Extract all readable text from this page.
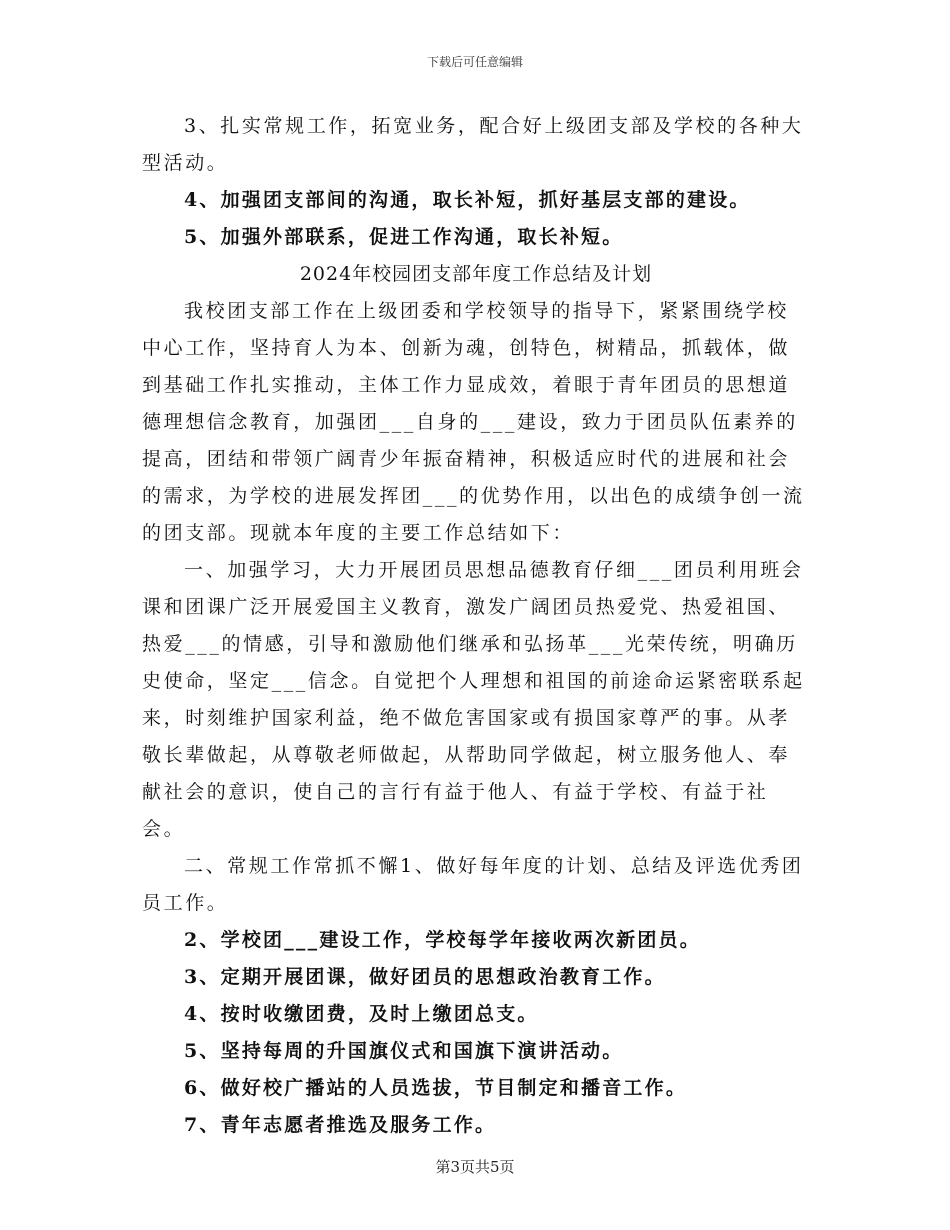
下载后可任意编辑

3、扎实常规工作，拓宽业务，配合好上级团支部及学校的各种大型活动。

4、加强团支部间的沟通，取长补短，抓好基层支部的建设。

5、加强外部联系，促进工作沟通，取长补短。

2024年校园团支部年度工作总结及计划

我校团支部工作在上级团委和学校领导的指导下，紧紧围绕学校中心工作，坚持育人为本、创新为魂，创特色，树精品，抓载体，做到基础工作扎实推动，主体工作力显成效，着眼于青年团员的思想道德理想信念教育，加强团___自身的___建设，致力于团员队伍素养的提高，团结和带领广阔青少年振奋精神，积极适应时代的进展和社会的需求，为学校的进展发挥团___的优势作用，以出色的成绩争创一流的团支部。现就本年度的主要工作总结如下：

一、加强学习，大力开展团员思想品德教育仔细___团员利用班会课和团课广泛开展爱国主义教育，激发广阔团员热爱党、热爱祖国、热爱___的情感，引导和激励他们继承和弘扬革___光荣传统，明确历史使命，坚定___信念。自觉把个人理想和祖国的前途命运紧密联系起来，时刻维护国家利益，绝不做危害国家或有损国家尊严的事。从孝敬长辈做起，从尊敬老师做起，从帮助同学做起，树立服务他人、奉献社会的意识，使自己的言行有益于他人、有益于学校、有益于社会。

二、常规工作常抓不懈1、做好每年度的计划、总结及评选优秀团员工作。

2、学校团___建设工作，学校每学年接收两次新团员。

3、定期开展团课，做好团员的思想政治教育工作。

4、按时收缴团费，及时上缴团总支。

5、坚持每周的升国旗仪式和国旗下演讲活动。

6、做好校广播站的人员选拔，节目制定和播音工作。

7、青年志愿者推选及服务工作。

第3页共5页
